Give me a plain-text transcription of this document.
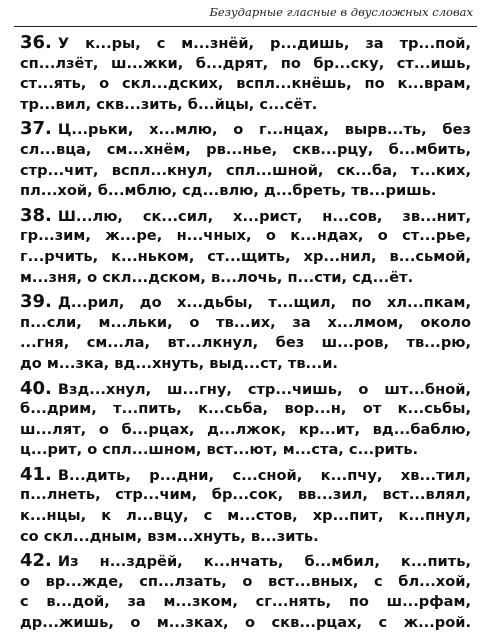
Безударные гласные в двусложных словах
36. У к...ры, с м...знёй, р...дишь, за тр...пой,
сп...лзёт, ш...жки, б...дрят, по бр...ску, ст...ишь,
ст...ять, о скл...дских, вспл...кнёшь, по к...врам,
тр...вил, скв...зить, б...йцы, с...сёт.
37. Ц...рьки, х...млю, о г...нцах, вырв...ть, без
сл...вца, см...хнём, рв...нье, скв...рцу, б...мбить,
стр...чит, вспл...кнул, спл...шной, ск...ба, т...ких,
пл...хой, б...мблю, сд...влю, д...бреть, тв...ришь.
38. Ш...лю, ск...сил, х...рист, н...сов, зв...нит,
гр...зим, ж...ре, н...чных, о к...ндах, о ст...рье,
г...рчить, к...ньком, ст...щить, хр...нил, в...сьмой,
м...зня, о скл...дском, в...лочь, п...сти, сд...ёт.
39. Д...рил, до х...дьбы, т...щил, по хл...пкам,
п...сли, м...льки, о тв...их, за х...лмом, около
...гня, см...ла, вт...лкнул, без ш...ров, тв...рю,
до м...зка, вд...хнуть, выд...ст, тв...и.
40. Взд...хнул, ш...гну, стр...чишь, о шт...бной,
б...дрим, т...пить, к...сьба, вор...н, от к...сьбы,
ш...лят, о б...рцах, д...лжок, кр...ит, вд...баблю,
ц...рит, о спл...шном, вст...ют, м...ста, с...рить.
41. В...дить, р...дни, с...сной, к...пчу, хв...тил,
п...лнеть, стр...чим, бр...сок, вв...зил, вст...влял,
к...нцы, к л...вцу, с м...стов, хр...пит, к...пнул,
со скл...дным, взм...хнуть, в...зить.
42. Из н...здрёй, к...нчать, б...мбил, к...пить,
о вр...жде, сп...лзать, о вст...вных, с бл...хой,
с в...дой, за м...зком, сг...нять, по ш...рфам,
др...жишь, о м...зках, о скв...рцах, с ж...рой.
